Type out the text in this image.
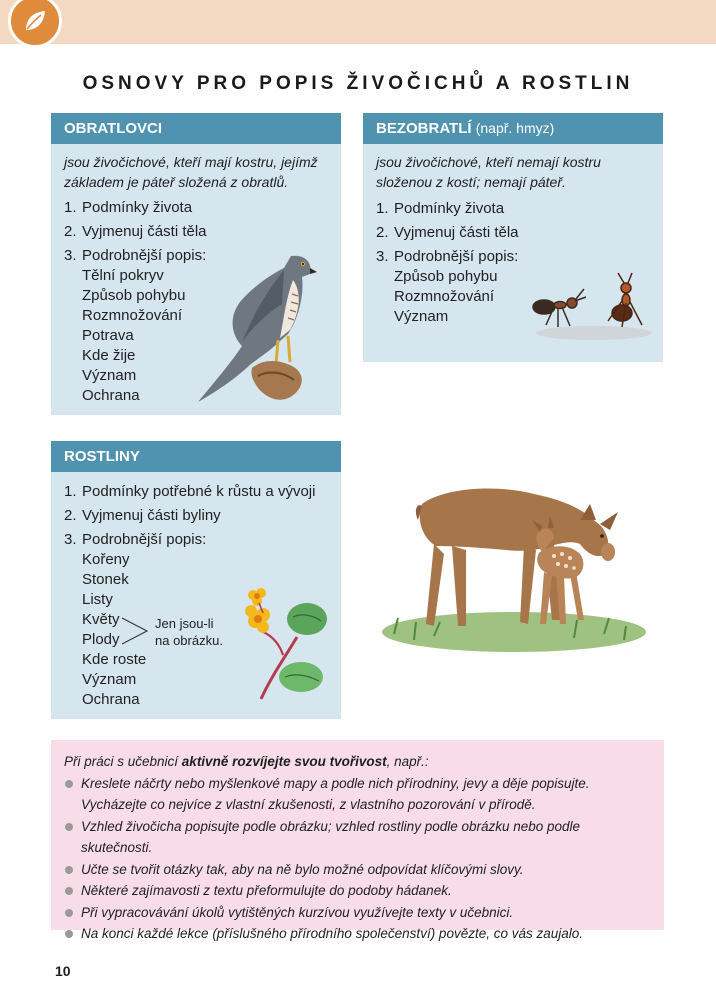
OSNOVY PRO POPIS ŽIVOČICHŮ A ROSTLIN
OBRATLOVCI

jsou živočichové, kteří mají kostru, jejímž základem je páteř složená z obratlů.

1. Podmínky života
2. Vyjmenuj části těla
3. Podrobnější popis:
Tělní pokryv
Způsob pohybu
Rozmnožování
Potrava
Kde žije
Význam
Ochrana
BEZOBRATLÍ (např. hmyz)

jsou živočichové, kteří nemají kostru složenou z kostí; nemají páteř.

1. Podmínky života
2. Vyjmenuj části těla
3. Podrobnější popis:
Způsob pohybu
Rozmnožování
Význam
ROSTLINY
1. Podmínky potřebné k růstu a vývoji
2. Vyjmenuj části byliny
3. Podrobnější popis:
Kořeny
Stonek
Listy
Květy
Plody
Kde roste
Význam
Ochrana
Jen jsou-li
na obrázku.
Při práci s učebnicí aktivně rozvíjejte svou tvořivost, např.:
Kreslete náčrty nebo myšlenkové mapy a podle nich přírodniny, jevy a děje popisujte. Vycházejte co nejvíce z vlastní zkušenosti, z vlastního pozorování v přírodě.
Vzhled živočicha popisujte podle obrázku; vzhled rostliny podle obrázku nebo podle skutečnosti.
Učte se tvořit otázky tak, aby na ně bylo možné odpovídat klíčovými slovy.
Některé zajímavosti z textu přeformulujte do podoby hádanek.
Při vypracovávání úkolů vytištěných kurzívou využívejte texty v učebnici.
Na konci každé lekce (příslušného přírodního společenství) povězte, co vás zaujalo.
10
